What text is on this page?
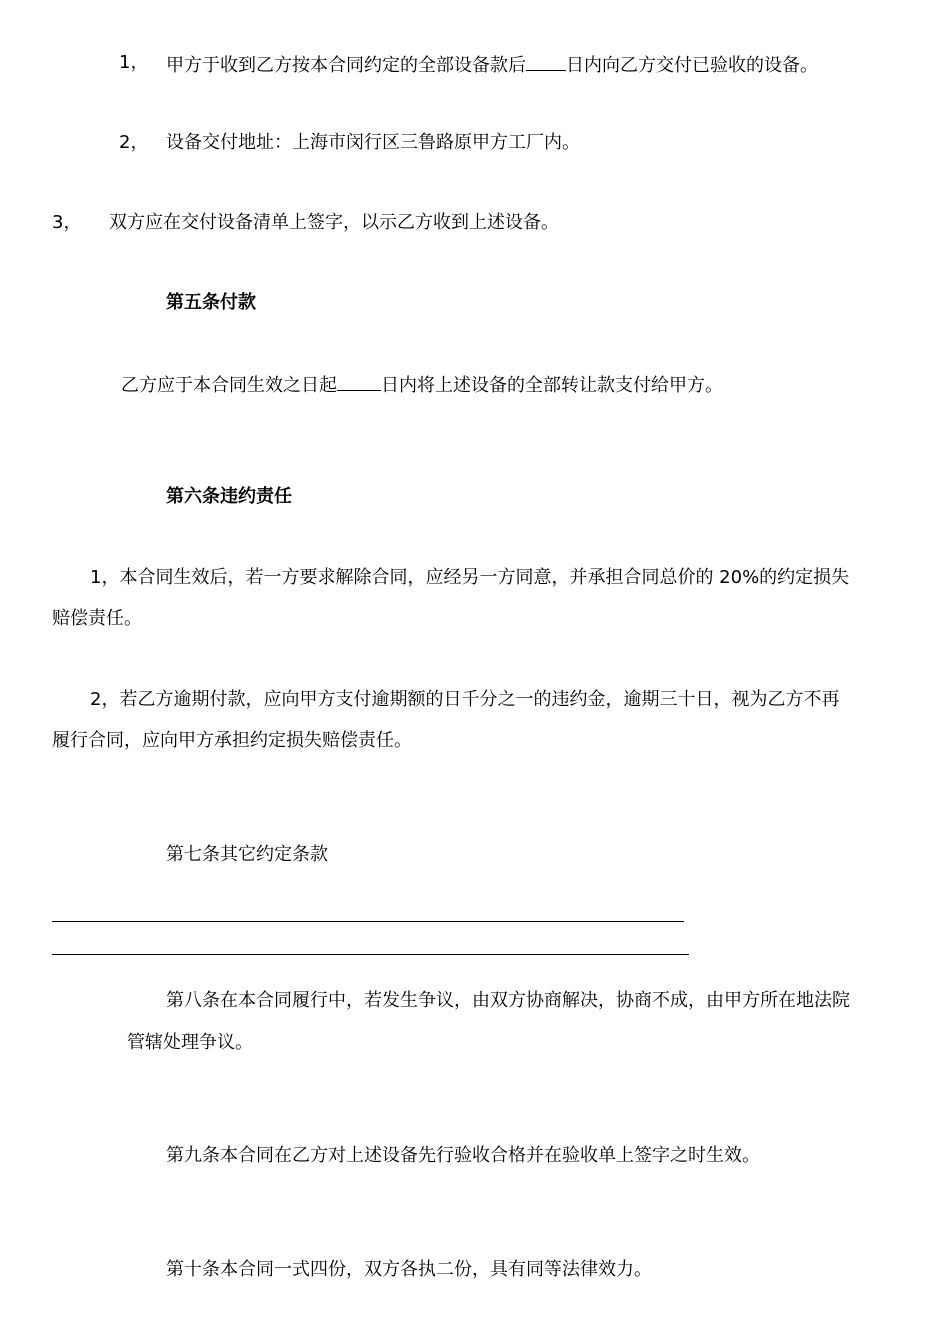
1， 甲方于收到乙方按本合同约定的全部设备款后 日内向乙方交付已验收的设备。

2， 设备交付地址：上海市闵行区三鲁路原甲方工厂内。

3， 双方应在交付设备清单上签字，以示乙方收到上述设备。

第五条付款

乙方应于本合同生效之日起 日内将上述设备的全部转让款支付给甲方。

第六条违约责任

1，本合同生效后，若一方要求解除合同，应经另一方同意，并承担合同总价的 20%的约定损失

赔偿责任。

2，若乙方逾期付款，应向甲方支付逾期额的日千分之一的违约金，逾期三十日，视为乙方不再

履行合同，应向甲方承担约定损失赔偿责任。

第七条其它约定条款

第八条在本合同履行中，若发生争议，由双方协商解决，协商不成，由甲方所在地法院

管辖处理争议。

第九条本合同在乙方对上述设备先行验收合格并在验收单上签字之时生效。

第十条本合同一式四份，双方各执二份，具有同等法律效力。
